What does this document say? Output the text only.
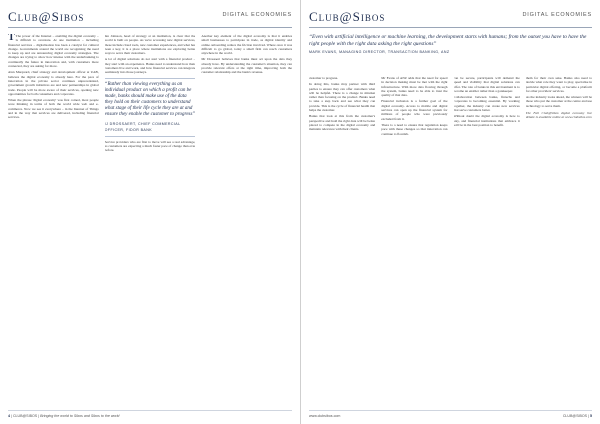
Club@Sibos	DIGITAL ECONOMIES

T The power of the Internet – enabling the digital economy – is difficult to overstate. At one institution – including financial services – digitalisation has been a catalyst for cultural change. Governments around the world are recognising the need to keep up and are announcing digital economy strategies. The changes are trying to show how intense with the underbanking is continually the future in innovation and, with customers more connected, they are asking for more.

Alan Marquard, chief strategy and development officer at UAB, believes the digital economy is already here. For the pace of innovation in the private sector continues unprecedented, government growth initiatives are and new partnerships in global trade. People will be more aware of their services, opening new opportunities for both consumers and corporates.

When the phrase 'digital economy' was first coined, most people were thinking in terms of both the world wide web and e-commerce. Now we see it everywhere – in the Internet of Things and in the way that services are delivered, including financial services.

Ian Johnson, head of strategy at an institution, is clear that the world is built on people. As we're accessing new digital services, these include cloud tools, new customer experiences, and what has been a key, it is a place where institutions are exploring better ways to serve their customers.

A lot of digital solutions do not start with a financial product – they start with an experience. Banks need to understand how their customers live and work, and how financial services can integrate seamlessly into those journeys.

“Rather than viewing everything as an individual product on which a profit can be made, banks should make use of the data they hold on their customers to understand what stage of their life cycle they are at and ensure they enable the customer to progress”
IJ DROSSAERT, CHIEF COMMERCIAL OFFICER, FIDOR BANK

Service providers who are first to move will see a real advantage, as customers are expecting a much faster pace of change than ever before.

Another key element of the digital economy is that it enables small businesses to participate in trade, as digital identity and online onboarding reduce the friction involved. Where once it was difficult to go global, today a small firm can reach customers anywhere in the world.

Mr Drossaert believes that banks must act upon the data they already have. By understanding the customer's situation, they can provide relevant offers at the right time, improving both the customer relationship and the bank's revenue.

4 | CLUB@SIBOS | Bringing the world to Sibos and Sibos to the world
Club@Sibos	DIGITAL ECONOMIES
“Even with artificial intelligence or machine learning, the development starts with humans; from the outset you have to have the right people with the right data asking the right questions”
MARK EVANS, MANAGING DIRECTOR, TRANSACTION BANKING, ANZ

customer to progress.

In doing this, banks may partner with third parties to ensure they can offer customers what will be helpful. There is a change in mindset rather than focusing on the product. Banks need to take a step back and see what they can provide. This is the cycle of financial health that helps the customer.

Banks that look at this from the customer's perspective and hold the right data will be better placed to compete in the digital economy and maintain relevance with their clients.

Mr Evans of ANZ adds that the need for speed in decision making must be met with the right infrastructure. With more data flowing through the system, banks need to be able to trust the quality of that data.

Financial inclusion is a further goal of the digital economy. Access to mobile and digital services can open up the financial system for millions of people who were previously excluded from it.

There is a need to ensure that regulation keeps pace with these changes so that innovation can continue to flourish.

can be secure, participants will demand the speed and visibility that digital solutions can offer. The role of banks in this environment is to become an enabler rather than a gatekeeper.

Collaboration between banks, fintechs and corporates is becoming essential. By working together, the industry can create new services that serve customers better.

Without doubt the digital economy is here to stay, and financial institutions that embrace it will be in the best position to benefit.

them for their own sake. Banks also need to decide what role they want to play, specialise in particular digital offering, or become a platform for other providers' services.

As the industry looks ahead, the winners will be those who put the customer at the centre and use technology to serve them.

The Fall Club@Sibos digital economy live debate is available online at www.clubsibos.com

www.clubsibos.com	CLUB@SIBOS | 5
